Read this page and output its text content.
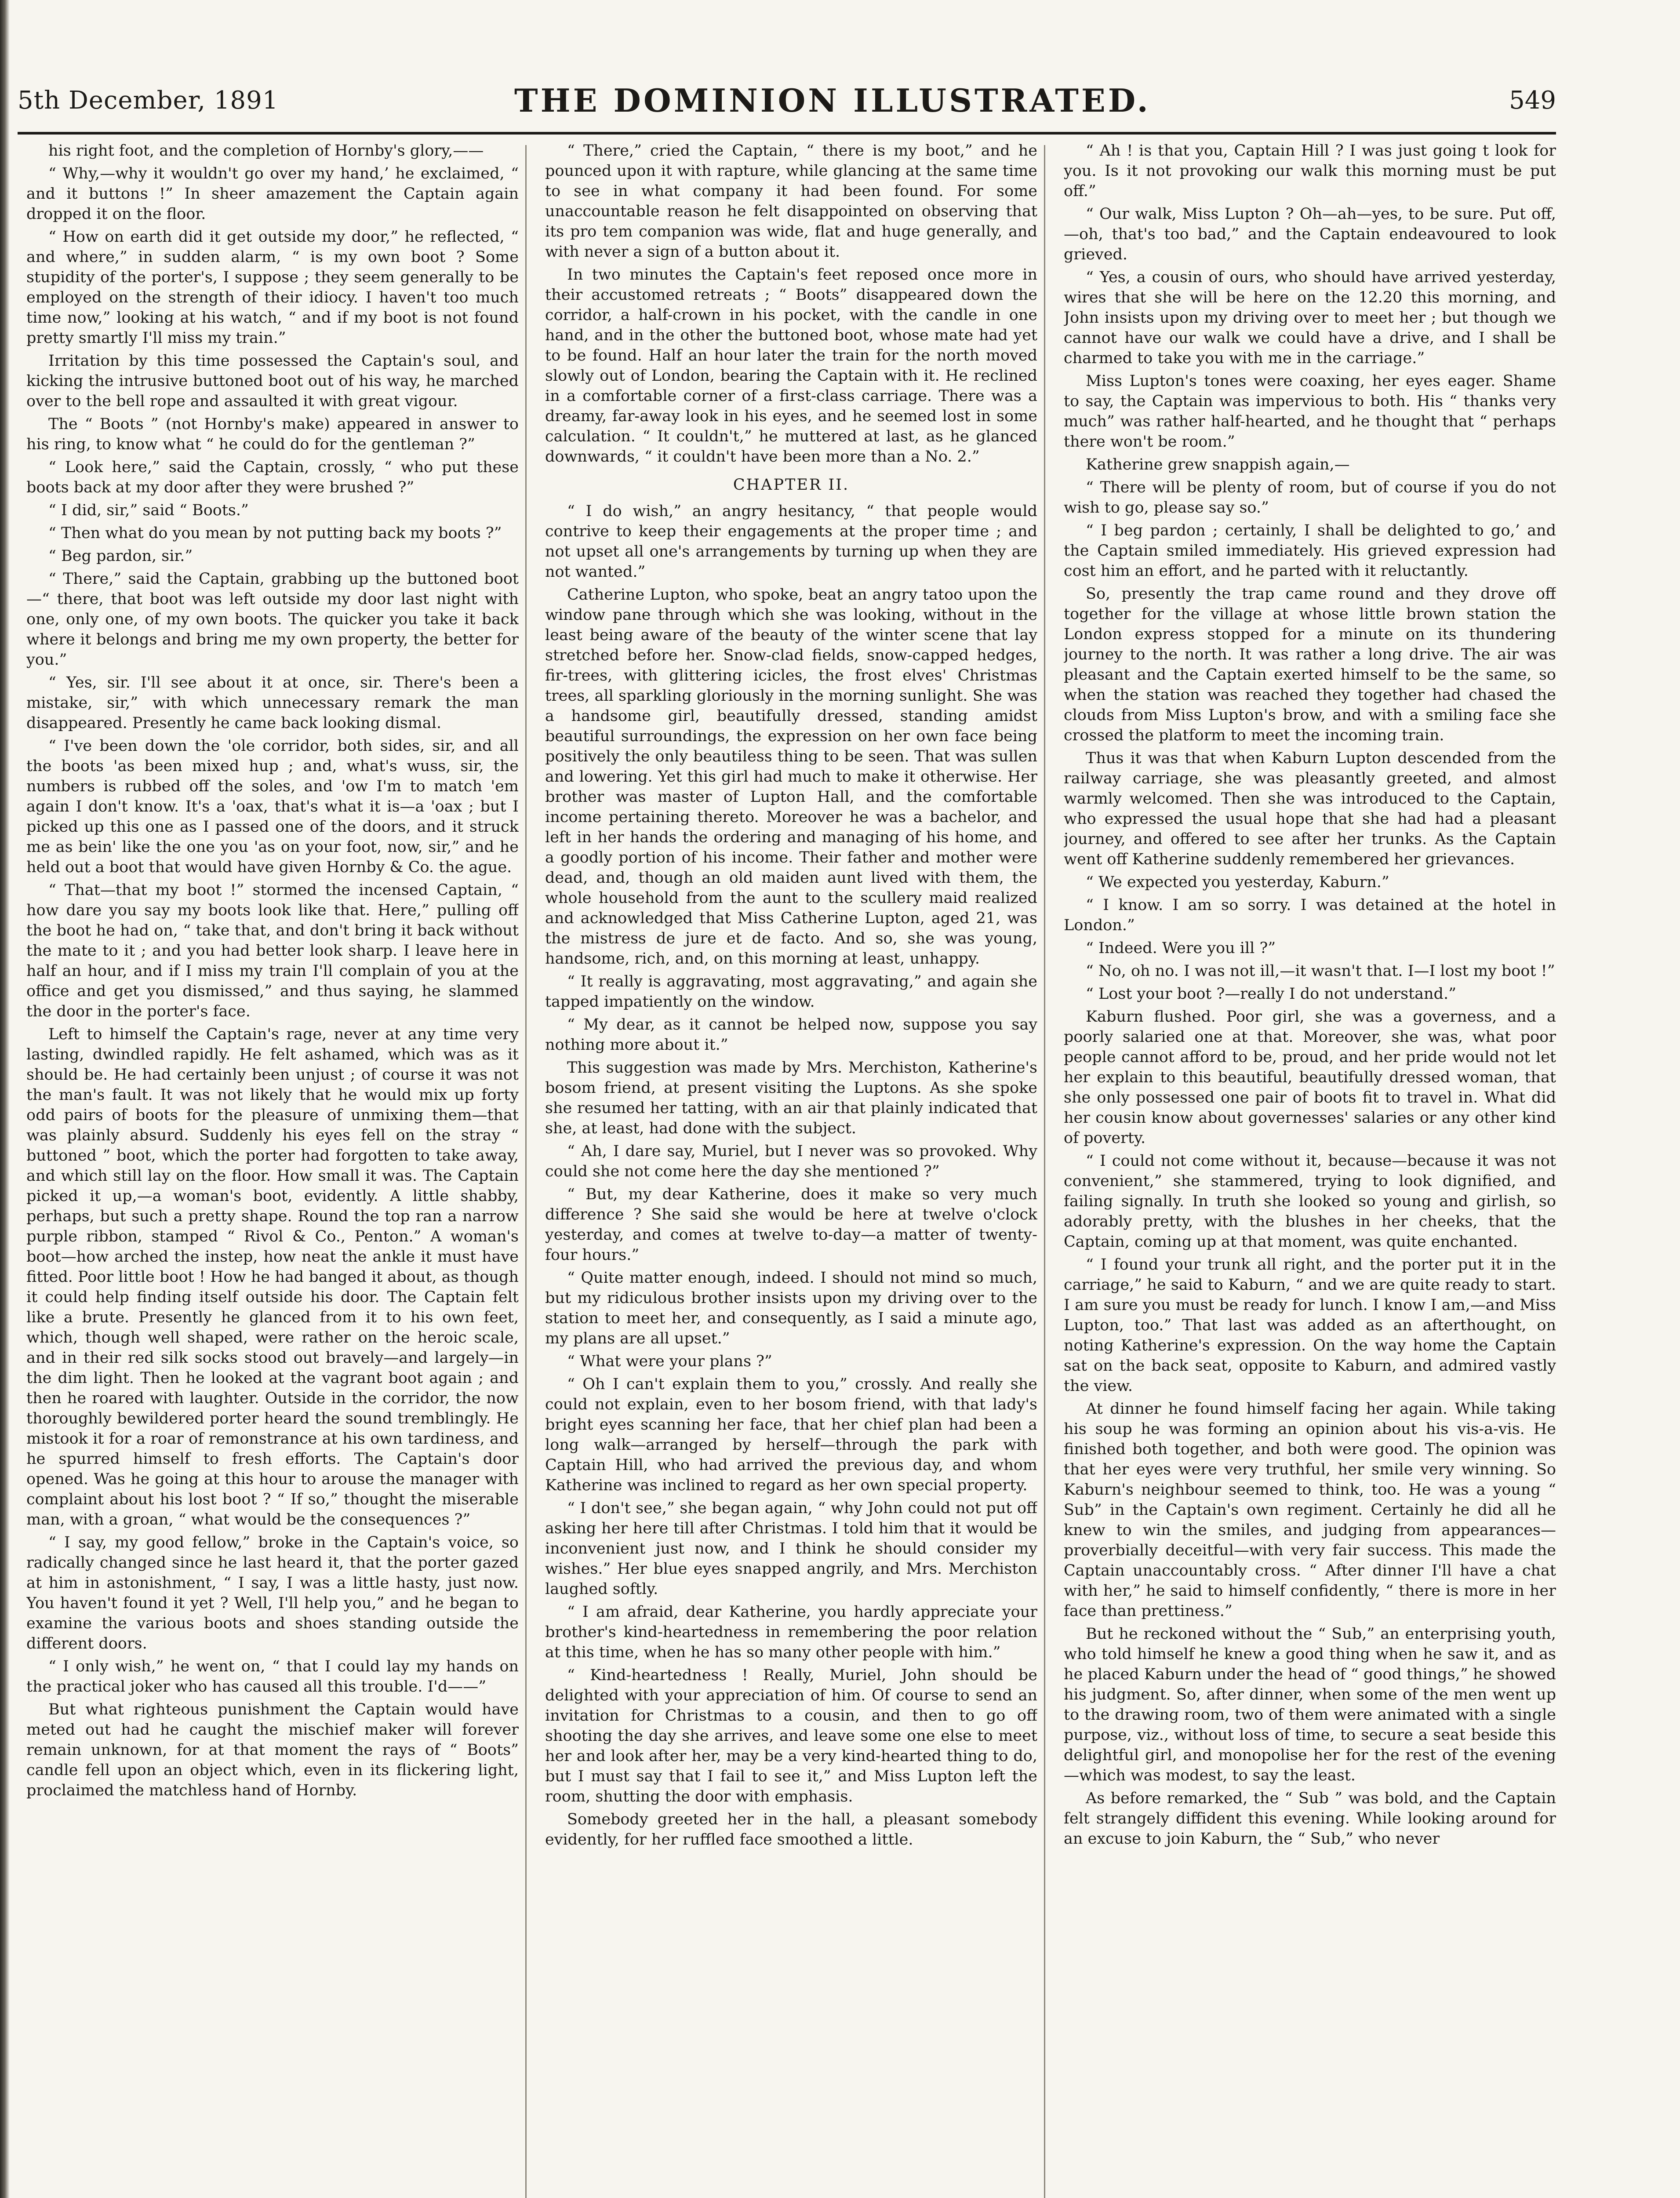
5th December, 1891	THE DOMINION ILLUSTRATED.	549

his right foot, and the completion of Hornby's glory,——

“ Why,—why it wouldn't go over my hand,’ he exclaimed, “ and it buttons !” In sheer amazement the Captain again dropped it on the floor.

“ How on earth did it get outside my door,” he reflected, “ and where,” in sudden alarm, “ is my own boot ? Some stupidity of the porter's, I suppose ; they seem generally to be employed on the strength of their idiocy. I haven't too much time now,” looking at his watch, “ and if my boot is not found pretty smartly I'll miss my train.”

Irritation by this time possessed the Captain's soul, and kicking the intrusive buttoned boot out of his way, he marched over to the bell rope and assaulted it with great vigour.

The “ Boots ” (not Hornby's make) appeared in answer to his ring, to know what “ he could do for the gentleman ?”

“ Look here,” said the Captain, crossly, “ who put these boots back at my door after they were brushed ?”

“ I did, sir,” said “ Boots.”

“ Then what do you mean by not putting back my boots ?”

“ Beg pardon, sir.”

“ There,” said the Captain, grabbing up the buttoned boot—“ there, that boot was left outside my door last night with one, only one, of my own boots. The quicker you take it back where it belongs and bring me my own property, the better for you.”

“ Yes, sir. I'll see about it at once, sir. There's been a mistake, sir,” with which unnecessary remark the man disappeared. Presently he came back looking dismal.

“ I've been down the 'ole corridor, both sides, sir, and all the boots 'as been mixed hup ; and, what's wuss, sir, the numbers is rubbed off the soles, and 'ow I'm to match 'em again I don't know. It's a 'oax, that's what it is—a 'oax ; but I picked up this one as I passed one of the doors, and it struck me as bein' like the one you 'as on your foot, now, sir,” and he held out a boot that would have given Hornby & Co. the ague.

“ That—that my boot !” stormed the incensed Captain, “ how dare you say my boots look like that. Here,” pulling off the boot he had on, “ take that, and don't bring it back without the mate to it ; and you had better look sharp. I leave here in half an hour, and if I miss my train I'll complain of you at the office and get you dismissed,” and thus saying, he slammed the door in the porter's face.

Left to himself the Captain's rage, never at any time very lasting, dwindled rapidly. He felt ashamed, which was as it should be. He had certainly been unjust ; of course it was not the man's fault. It was not likely that he would mix up forty odd pairs of boots for the pleasure of unmixing them—that was plainly absurd. Suddenly his eyes fell on the stray “ buttoned ” boot, which the porter had forgotten to take away, and which still lay on the floor. How small it was. The Captain picked it up,—a woman's boot, evidently. A little shabby, perhaps, but such a pretty shape. Round the top ran a narrow purple ribbon, stamped “ Rivol & Co., Penton.” A woman's boot—how arched the instep, how neat the ankle it must have fitted. Poor little boot ! How he had banged it about, as though it could help finding itself outside his door. The Captain felt like a brute. Presently he glanced from it to his own feet, which, though well shaped, were rather on the heroic scale, and in their red silk socks stood out bravely—and largely—in the dim light. Then he looked at the vagrant boot again ; and then he roared with laughter. Outside in the corridor, the now thoroughly bewildered porter heard the sound tremblingly. He mistook it for a roar of remonstrance at his own tardiness, and he spurred himself to fresh efforts. The Captain's door opened. Was he going at this hour to arouse the manager with complaint about his lost boot ? “ If so,” thought the miserable man, with a groan, “ what would be the consequences ?”

“ I say, my good fellow,” broke in the Captain's voice, so radically changed since he last heard it, that the porter gazed at him in astonishment, “ I say, I was a little hasty, just now. You haven't found it yet ? Well, I'll help you,” and he began to examine the various boots and shoes standing outside the different doors.

“ I only wish,” he went on, “ that I could lay my hands on the practical joker who has caused all this trouble. I'd——”

But what righteous punishment the Captain would have meted out had he caught the mischief maker will forever remain unknown, for at that moment the rays of “ Boots” candle fell upon an object which, even in its flickering light, proclaimed the matchless hand of Hornby.

“ There,” cried the Captain, “ there is my boot,” and he pounced upon it with rapture, while glancing at the same time to see in what company it had been found. For some unaccountable reason he felt disappointed on observing that its pro tem companion was wide, flat and huge generally, and with never a sign of a button about it.

In two minutes the Captain's feet reposed once more in their accustomed retreats ; “ Boots” disappeared down the corridor, a half-crown in his pocket, with the candle in one hand, and in the other the buttoned boot, whose mate had yet to be found. Half an hour later the train for the north moved slowly out of London, bearing the Captain with it. He reclined in a comfortable corner of a first-class carriage. There was a dreamy, far-away look in his eyes, and he seemed lost in some calculation. “ It couldn't,” he muttered at last, as he glanced downwards, “ it couldn't have been more than a No. 2.”

CHAPTER II.

“ I do wish,” an angry hesitancy, “ that people would contrive to keep their engagements at the proper time ; and not upset all one's arrangements by turning up when they are not wanted.”

Catherine Lupton, who spoke, beat an angry tatoo upon the window pane through which she was looking, without in the least being aware of the beauty of the winter scene that lay stretched before her. Snow-clad fields, snow-capped hedges, fir-trees, with glittering icicles, the frost elves' Christmas trees, all sparkling gloriously in the morning sunlight. She was a handsome girl, beautifully dressed, standing amidst beautiful surroundings, the expression on her own face being positively the only beautiless thing to be seen. That was sullen and lowering. Yet this girl had much to make it otherwise. Her brother was master of Lupton Hall, and the comfortable income pertaining thereto. Moreover he was a bachelor, and left in her hands the ordering and managing of his home, and a goodly portion of his income. Their father and mother were dead, and, though an old maiden aunt lived with them, the whole household from the aunt to the scullery maid realized and acknowledged that Miss Catherine Lupton, aged 21, was the mistress de jure et de facto. And so, she was young, handsome, rich, and, on this morning at least, unhappy.

“ It really is aggravating, most aggravating,” and again she tapped impatiently on the window.

“ My dear, as it cannot be helped now, suppose you say nothing more about it.”

This suggestion was made by Mrs. Merchiston, Katherine's bosom friend, at present visiting the Luptons. As she spoke she resumed her tatting, with an air that plainly indicated that she, at least, had done with the subject.

“ Ah, I dare say, Muriel, but I never was so provoked. Why could she not come here the day she mentioned ?”

“ But, my dear Katherine, does it make so very much difference ? She said she would be here at twelve o'clock yesterday, and comes at twelve to-day—a matter of twenty-four hours.”

“ Quite matter enough, indeed. I should not mind so much, but my ridiculous brother insists upon my driving over to the station to meet her, and consequently, as I said a minute ago, my plans are all upset.”

“ What were your plans ?”

“ Oh I can't explain them to you,” crossly. And really she could not explain, even to her bosom friend, with that lady's bright eyes scanning her face, that her chief plan had been a long walk—arranged by herself—through the park with Captain Hill, who had arrived the previous day, and whom Katherine was inclined to regard as her own special property.

“ I don't see,” she began again, “ why John could not put off asking her here till after Christmas. I told him that it would be inconvenient just now, and I think he should consider my wishes.” Her blue eyes snapped angrily, and Mrs. Merchiston laughed softly.

“ I am afraid, dear Katherine, you hardly appreciate your brother's kind-heartedness in remembering the poor relation at this time, when he has so many other people with him.”

“ Kind-heartedness ! Really, Muriel, John should be delighted with your appreciation of him. Of course to send an invitation for Christmas to a cousin, and then to go off shooting the day she arrives, and leave some one else to meet her and look after her, may be a very kind-hearted thing to do, but I must say that I fail to see it,” and Miss Lupton left the room, shutting the door with emphasis.

Somebody greeted her in the hall, a pleasant somebody evidently, for her ruffled face smoothed a little.

“ Ah ! is that you, Captain Hill ? I was just going t look for you. Is it not provoking our walk this morning must be put off.”

“ Our walk, Miss Lupton ? Oh—ah—yes, to be sure. Put off,—oh, that's too bad,” and the Captain endeavoured to look grieved.

“ Yes, a cousin of ours, who should have arrived yesterday, wires that she will be here on the 12.20 this morning, and John insists upon my driving over to meet her ; but though we cannot have our walk we could have a drive, and I shall be charmed to take you with me in the carriage.”

Miss Lupton's tones were coaxing, her eyes eager. Shame to say, the Captain was impervious to both. His “ thanks very much” was rather half-hearted, and he thought that “ perhaps there won't be room.”

Katherine grew snappish again,—

“ There will be plenty of room, but of course if you do not wish to go, please say so.”

“ I beg pardon ; certainly, I shall be delighted to go,’ and the Captain smiled immediately. His grieved expression had cost him an effort, and he parted with it reluctantly.

So, presently the trap came round and they drove off together for the village at whose little brown station the London express stopped for a minute on its thundering journey to the north. It was rather a long drive. The air was pleasant and the Captain exerted himself to be the same, so when the station was reached they together had chased the clouds from Miss Lupton's brow, and with a smiling face she crossed the platform to meet the incoming train.

Thus it was that when Kaburn Lupton descended from the railway carriage, she was pleasantly greeted, and almost warmly welcomed. Then she was introduced to the Captain, who expressed the usual hope that she had had a pleasant journey, and offered to see after her trunks. As the Captain went off Katherine suddenly remembered her grievances.

“ We expected you yesterday, Kaburn.”

“ I know. I am so sorry. I was detained at the hotel in London.”

“ Indeed. Were you ill ?”

“ No, oh no. I was not ill,—it wasn't that. I—I lost my boot !”

“ Lost your boot ?—really I do not understand.”

Kaburn flushed. Poor girl, she was a governess, and a poorly salaried one at that. Moreover, she was, what poor people cannot afford to be, proud, and her pride would not let her explain to this beautiful, beautifully dressed woman, that she only possessed one pair of boots fit to travel in. What did her cousin know about governesses' salaries or any other kind of poverty.

“ I could not come without it, because—because it was not convenient,” she stammered, trying to look dignified, and failing signally. In truth she looked so young and girlish, so adorably pretty, with the blushes in her cheeks, that the Captain, coming up at that moment, was quite enchanted.

“ I found your trunk all right, and the porter put it in the carriage,” he said to Kaburn, “ and we are quite ready to start. I am sure you must be ready for lunch. I know I am,—and Miss Lupton, too.” That last was added as an afterthought, on noting Katherine's expression. On the way home the Captain sat on the back seat, opposite to Kaburn, and admired vastly the view.

At dinner he found himself facing her again. While taking his soup he was forming an opinion about his vis-a-vis. He finished both together, and both were good. The opinion was that her eyes were very truthful, her smile very winning. So Kaburn's neighbour seemed to think, too. He was a young “ Sub” in the Captain's own regiment. Certainly he did all he knew to win the smiles, and judging from appearances—proverbially deceitful—with very fair success. This made the Captain unaccountably cross. “ After dinner I'll have a chat with her,” he said to himself confidently, “ there is more in her face than prettiness.”

But he reckoned without the “ Sub,” an enterprising youth, who told himself he knew a good thing when he saw it, and as he placed Kaburn under the head of “ good things,” he showed his judgment. So, after dinner, when some of the men went up to the drawing room, two of them were animated with a single purpose, viz., without loss of time, to secure a seat beside this delightful girl, and monopolise her for the rest of the evening—which was modest, to say the least.

As before remarked, the “ Sub ” was bold, and the Captain felt strangely diffident this evening. While looking around for an excuse to join Kaburn, the “ Sub,” who never
